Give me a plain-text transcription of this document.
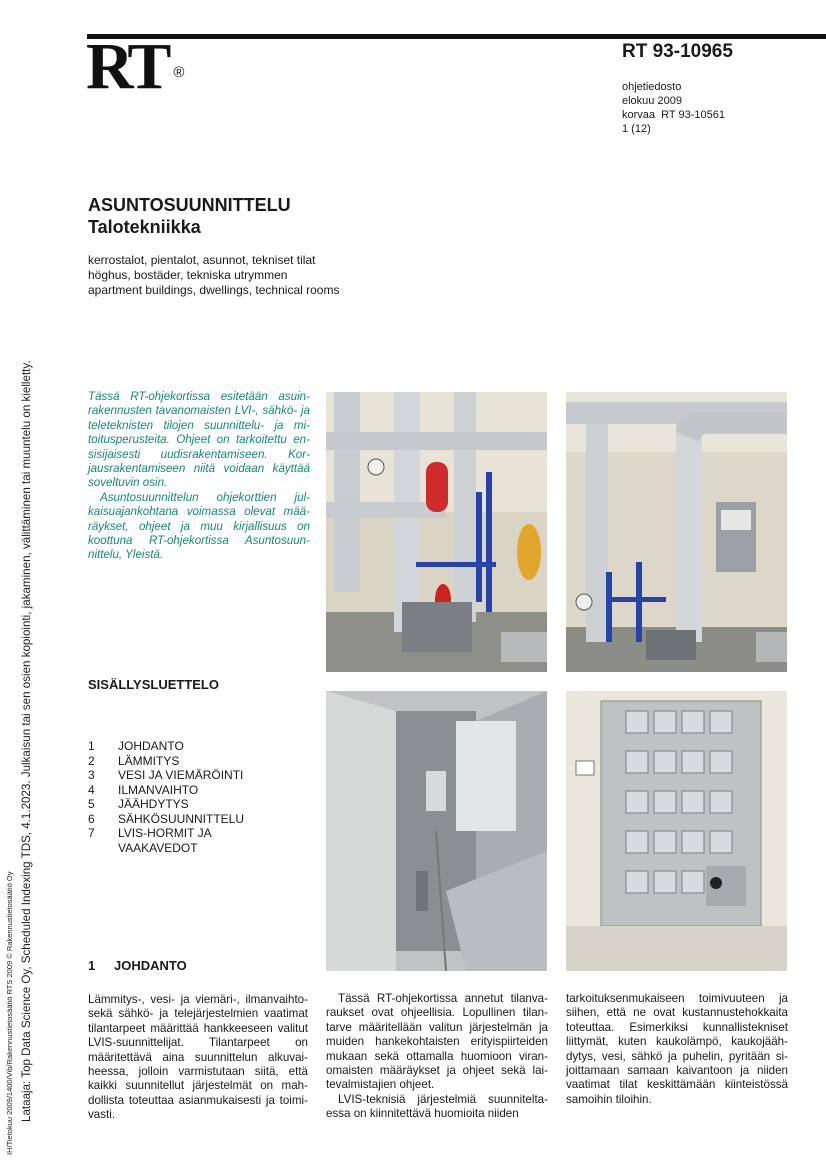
RT ®
RT 93-10965
ohjetiedosto
elokuu 2009
korvaa  RT 93-10561
1 (12)
ASUNTOSUUNNITTELU
Talotekniikka
kerrostalot, pientalot, asunnot, tekniset tilat
höghus, bostäder, tekniska utrymmen
apartment buildings, dwellings, technical rooms

Tässä RT-ohjekortissa esitetään asuinrakennusten tavanomaisten LVI-, sähkö- ja teleteknisten tilojen suunnittelu- ja mitoitusperusteita. Ohjeet on tarkoitettu ensisijaisesti uudisrakentamiseen. Korjausrakentamiseen niitä voidaan käyttää soveltuvin osin.

Asuntosuunnittelun ohjekorttien julkaisuajankohtana voimassa olevat määräykset, ohjeet ja muu kirjallisuus on koottuna RT-ohjekortissa Asuntosuunnittelu, Yleistä.

SISÄLLYSLUETTELO
1	JOHDANTO
2	LÄMMITYS
3	VESI JA VIEMÄRÖINTI
4	ILMANVAIHTO
5	JÄÄHDYTYS
6	SÄHKÖSUUNNITTELU
7	LVIS-HORMIT JA VAAKAVEDOT
1 JOHDANTO

Lämmitys-, vesi- ja viemäri-, ilmanvaihto- sekä sähkö- ja telejärjestelmien vaatimat tilantarpeet määrittää hankkeeseen valitut LVIS-suunnittelijat. Tilantarpeet on määritettävä aina suunnittelun alkuvaiheessa, jolloin varmistutaan siitä, että kaikki suunnitellut järjestelmät on mahdollista toteuttaa asianmukaisesti ja toimivasti.

Tässä RT-ohjekortissa annetut tilanvaraukset ovat ohjeellisia. Lopullinen tilantarve määritellään valitun järjestelmän ja muiden hankekohtaisten erityispiirteiden mukaan sekä ottamalla huomioon viranomaisten määräykset ja ohjeet sekä laitevalmistajien ohjeet.

LVIS-teknisiä järjestelmiä suunniteltaessa on kiinnitettävä huomioita niiden

tarkoituksenmukaiseen toimivuuteen ja siihen, että ne ovat kustannustehokkaita toteuttaa. Esimerkiksi kunnallistekniset liittymät, kuten kaukolämpö, kaukojäähdytys, vesi, sähkö ja puhelin, pyritään sijoittamaan samaan kaivantoon ja niiden vaatimat tilat keskittämään kiinteistössä samoihin tiloihin.

IH/Tietokuu 2009/1400/Vib/Rakennustietosäätiö RTS 2009 © Rakennustietosäätiö Oy Lataaja: Top Data Science Oy, Scheduled Indexing TDS, 4.1.2023. Julkaisun tai sen osien kopiointi, jakaminen, välittäminen tai muuntelu on kielletty.
